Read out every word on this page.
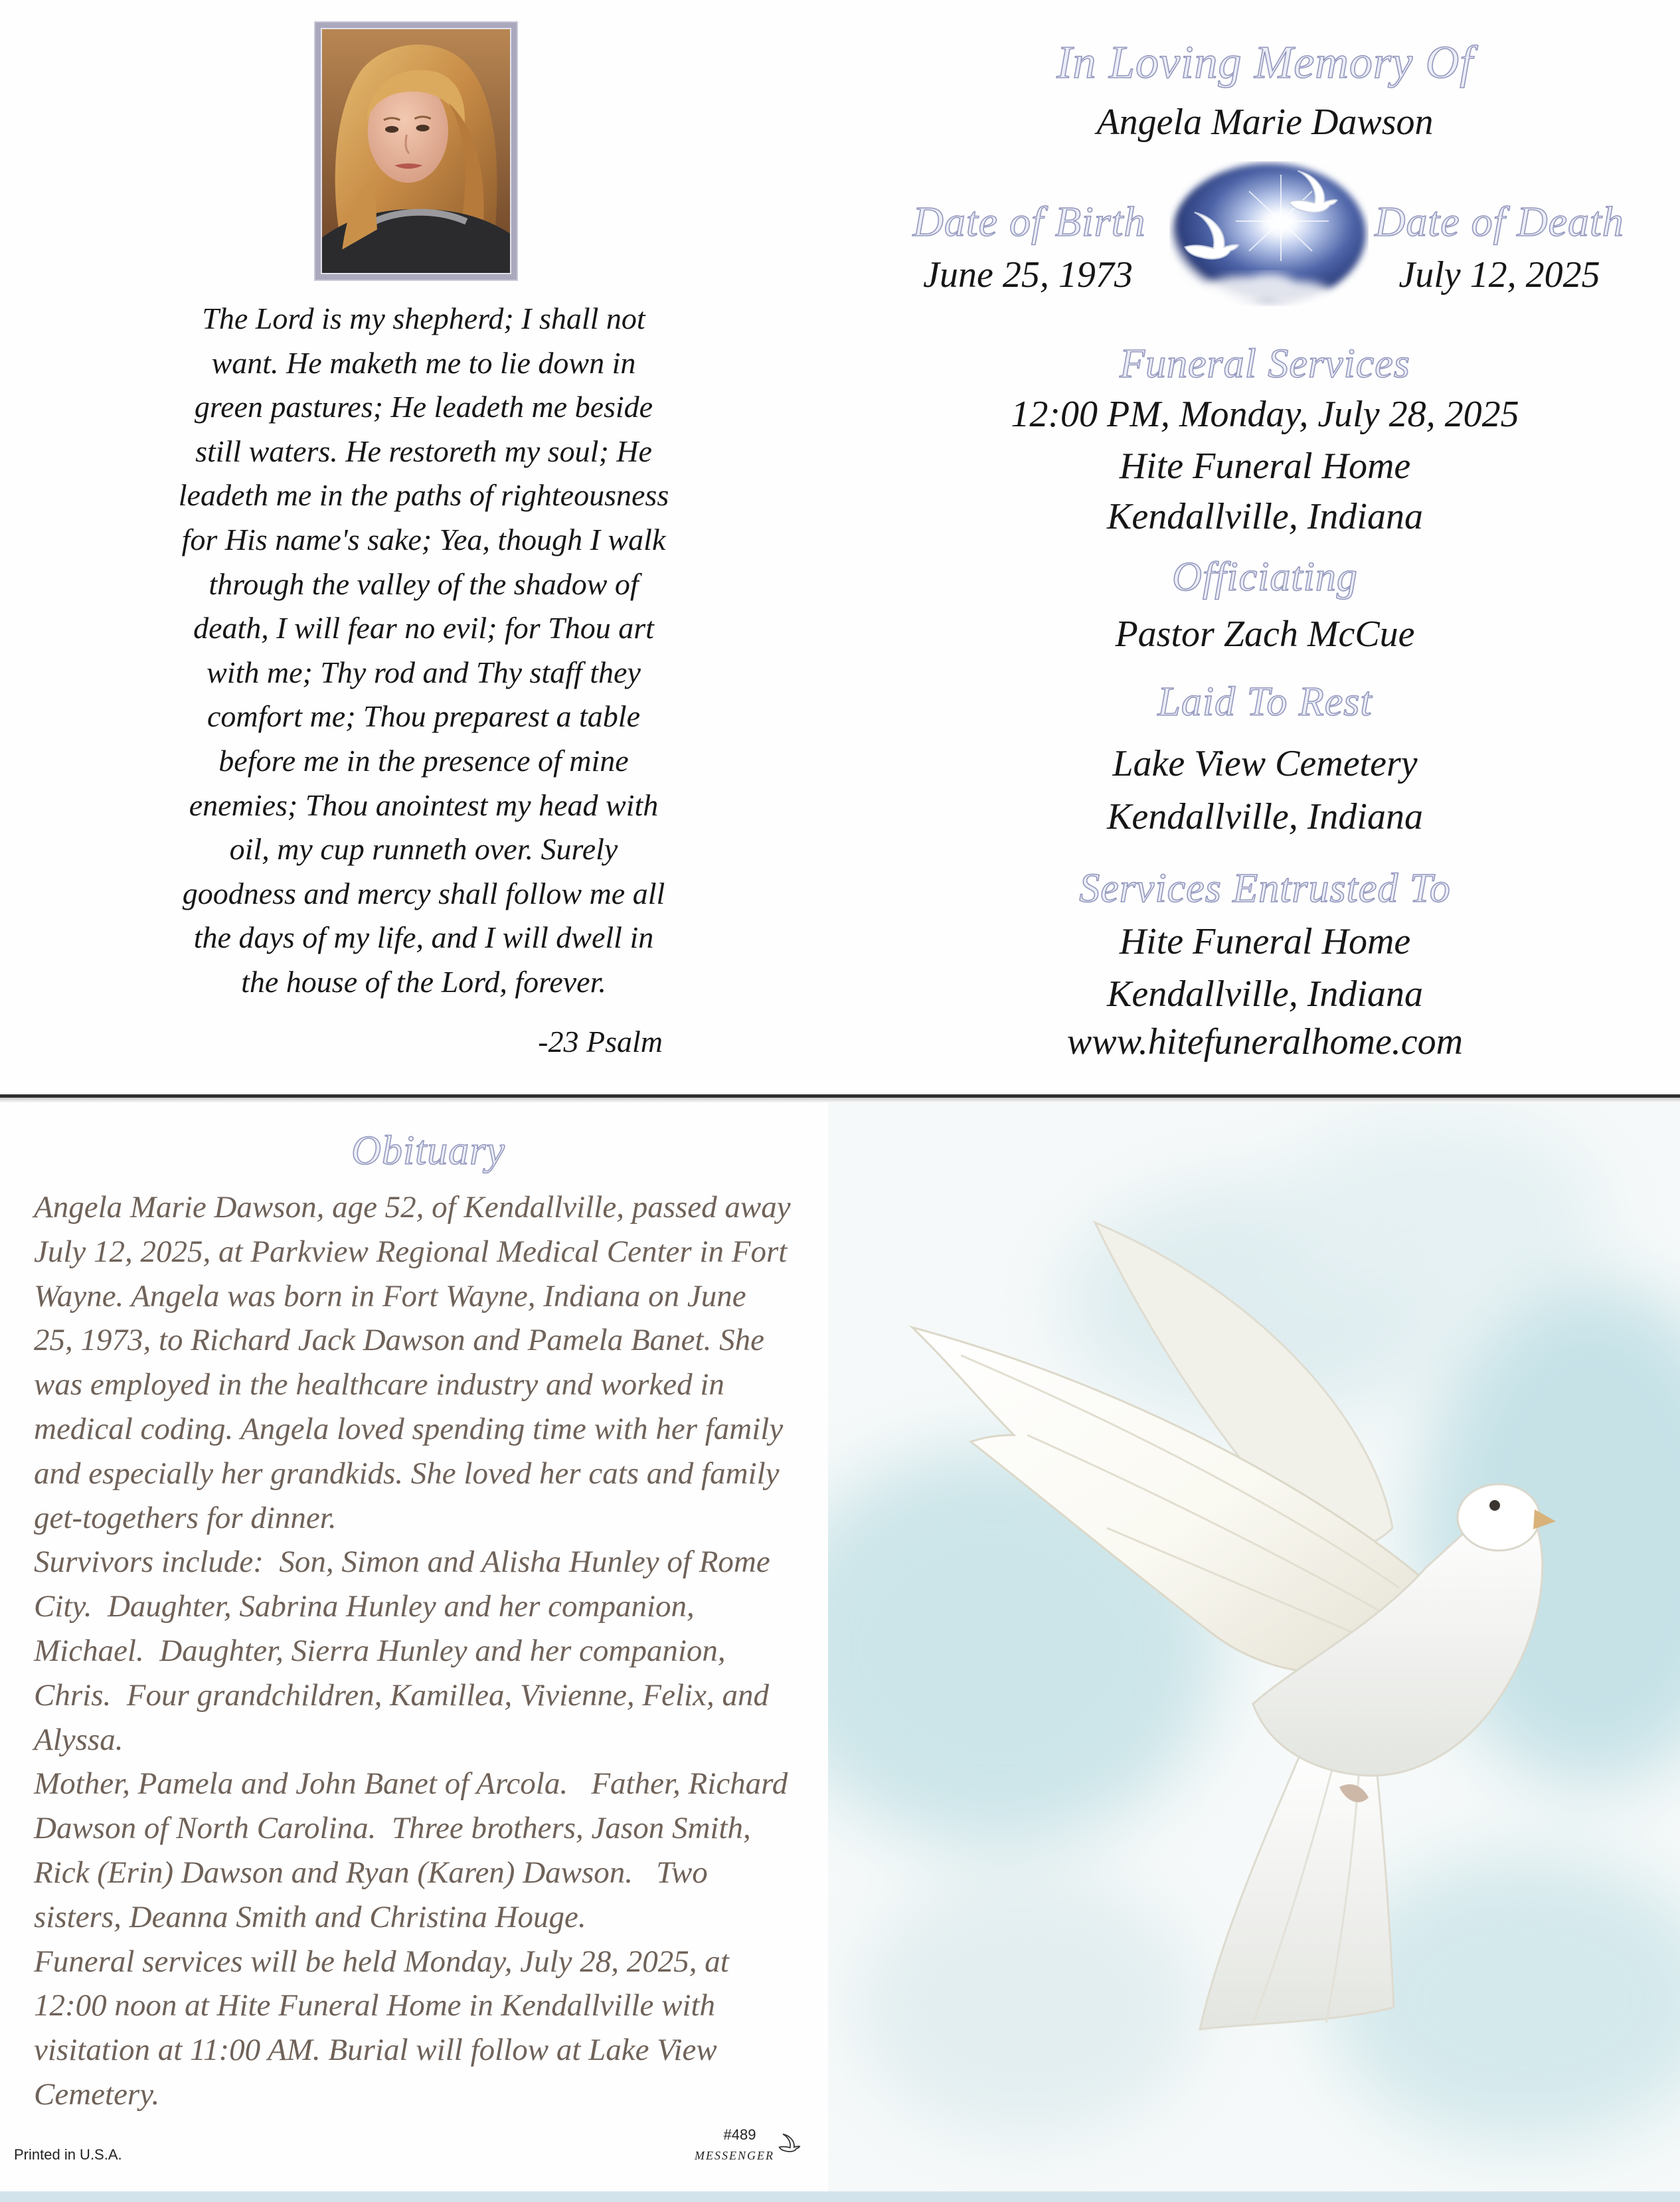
The Lord is my shepherd; I shall not
want. He maketh me to lie down in
green pastures; He leadeth me beside
still waters. He restoreth my soul; He
leadeth me in the paths of righteousness
for His name's sake; Yea, though I walk
through the valley of the shadow of
death, I will fear no evil; for Thou art
with me; Thy rod and Thy staff they
comfort me; Thou preparest a table
before me in the presence of mine
enemies; Thou anointest my head with
oil, my cup runneth over. Surely
goodness and mercy shall follow me all
the days of my life, and I will dwell in
the house of the Lord, forever.
-23 Psalm
In Loving Memory Of
Angela Marie Dawson
Date of Birth
June 25, 1973
Date of Death
July 12, 2025
Funeral Services
12:00 PM, Monday, July 28, 2025
Hite Funeral Home
Kendallville, Indiana
Officiating
Pastor Zach McCue
Laid To Rest
Lake View Cemetery
Kendallville, Indiana
Services Entrusted To
Hite Funeral Home
Kendallville, Indiana
www.hitefuneralhome.com
Obituary
Angela Marie Dawson, age 52, of Kendallville, passed away
July 12, 2025, at Parkview Regional Medical Center in Fort
Wayne. Angela was born in Fort Wayne, Indiana on June
25, 1973, to Richard Jack Dawson and Pamela Banet. She
was employed in the healthcare industry and worked in
medical coding. Angela loved spending time with her family
and especially her grandkids. She loved her cats and family
get-togethers for dinner.
Survivors include:  Son, Simon and Alisha Hunley of Rome
City.  Daughter, Sabrina Hunley and her companion,
Michael.  Daughter, Sierra Hunley and her companion,
Chris.  Four grandchildren, Kamillea, Vivienne, Felix, and
Alyssa.
Mother, Pamela and John Banet of Arcola.   Father, Richard
Dawson of North Carolina.  Three brothers, Jason Smith,
Rick (Erin) Dawson and Ryan (Karen) Dawson.   Two
sisters, Deanna Smith and Christina Houge.
Funeral services will be held Monday, July 28, 2025, at
12:00 noon at Hite Funeral Home in Kendallville with
visitation at 11:00 AM. Burial will follow at Lake View
Cemetery.
Printed in U.S.A.
#489
MESSENGER
